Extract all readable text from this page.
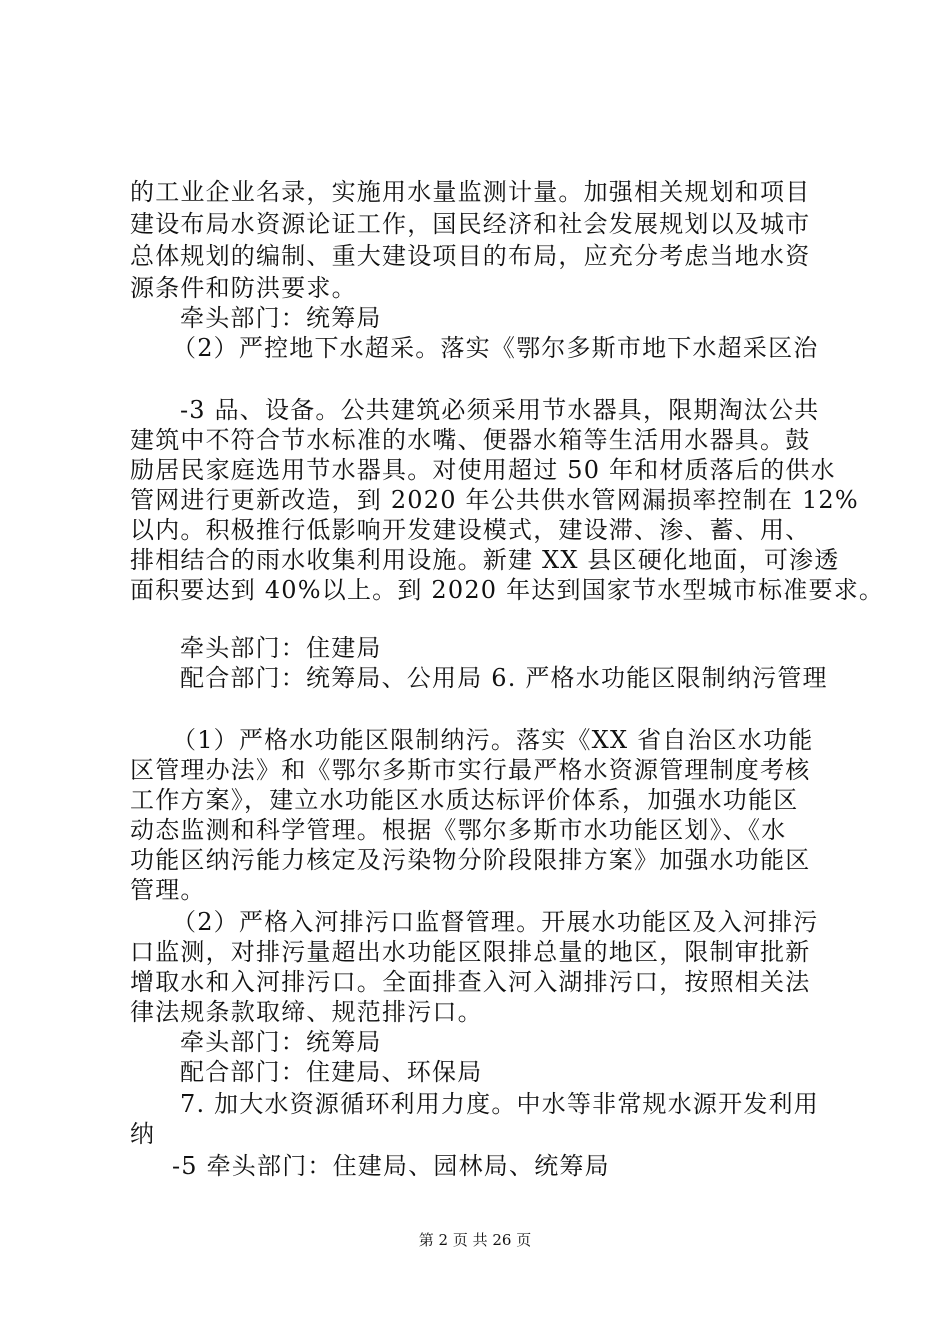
的工业企业名录，实施用水量监测计量。加强相关规划和项目
建设布局水资源论证工作，国民经济和社会发展规划以及城市
总体规划的编制、重大建设项目的布局，应充分考虑当地水资
源条件和防洪要求。
牵头部门：统筹局
（2）严控地下水超采。落实《鄂尔多斯市地下水超采区治
-3 品、设备。公共建筑必须采用节水器具，限期淘汰公共
建筑中不符合节水标准的水嘴、便器水箱等生活用水器具。鼓
励居民家庭选用节水器具。对使用超过 50 年和材质落后的供水
管网进行更新改造，到 2020 年公共供水管网漏损率控制在 12%
以内。积极推行低影响开发建设模式，建设滞、渗、蓄、用、
排相结合的雨水收集利用设施。新建 XX 县区硬化地面，可渗透
面积要达到 40%以上。到 2020 年达到国家节水型城市标准要求。
牵头部门：住建局
配合部门：统筹局、公用局 6. 严格水功能区限制纳污管理
（1）严格水功能区限制纳污。落实《XX 省自治区水功能
区管理办法》和《鄂尔多斯市实行最严格水资源管理制度考核
工作方案》，建立水功能区水质达标评价体系，加强水功能区
动态监测和科学管理。根据《鄂尔多斯市水功能区划》、《水
功能区纳污能力核定及污染物分阶段限排方案》加强水功能区
管理。
（2）严格入河排污口监督管理。开展水功能区及入河排污
口监测，对排污量超出水功能区限排总量的地区，限制审批新
增取水和入河排污口。全面排查入河入湖排污口，按照相关法
律法规条款取缔、规范排污口。
牵头部门：统筹局
配合部门：住建局、环保局
7. 加大水资源循环利用力度。中水等非常规水源开发利用
纳
-5 牵头部门：住建局、园林局、统筹局
第 2 页 共 26 页
